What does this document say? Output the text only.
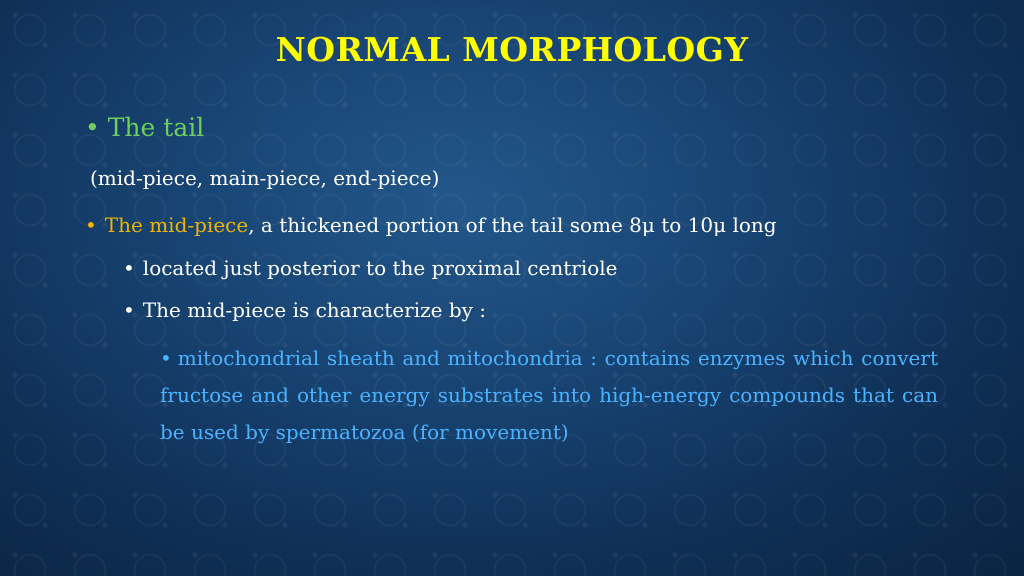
NORMAL MORPHOLOGY
• The tail
(mid-piece, main-piece, end-piece)
• The mid-piece, a thickened portion of the tail some 8μ to 10μ long
• located just posterior to the proximal centriole
• The mid-piece is characterize by :
• mitochondrial sheath and mitochondria : contains enzymes which convert fructose and other energy substrates into high-energy compounds that can be used by spermatozoa (for movement)
